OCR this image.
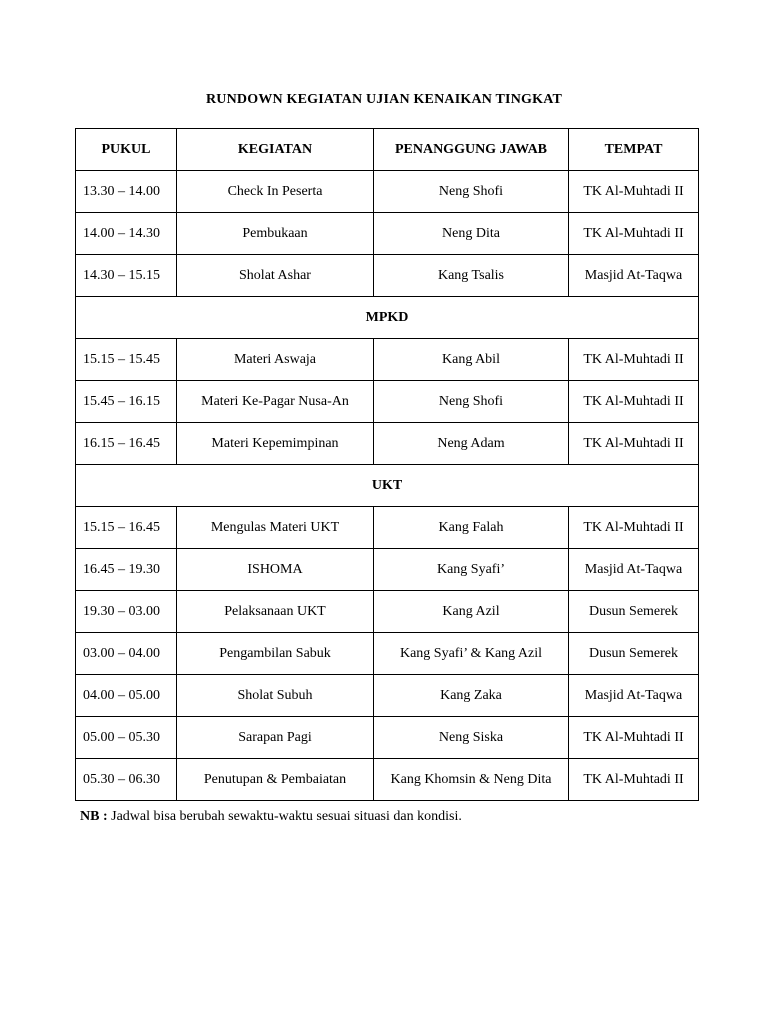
RUNDOWN KEGIATAN UJIAN KENAIKAN TINGKAT
PUKUL	KEGIATAN	PENANGGUNG JAWAB	TEMPAT
13.30 – 14.00	Check In Peserta	Neng Shofi	TK Al-Muhtadi II
14.00 – 14.30	Pembukaan	Neng Dita	TK Al-Muhtadi II
14.30 – 15.15	Sholat Ashar	Kang Tsalis	Masjid At-Taqwa
MPKD			
15.15 – 15.45	Materi Aswaja	Kang Abil	TK Al-Muhtadi II
15.45 – 16.15	Materi Ke-Pagar Nusa-An	Neng Shofi	TK Al-Muhtadi II
16.15 – 16.45	Materi Kepemimpinan	Neng Adam	TK Al-Muhtadi II
UKT			
15.15 – 16.45	Mengulas Materi UKT	Kang Falah	TK Al-Muhtadi II
16.45 – 19.30	ISHOMA	Kang Syafi’	Masjid At-Taqwa
19.30 – 03.00	Pelaksanaan UKT	Kang Azil	Dusun Semerek
03.00 – 04.00	Pengambilan Sabuk	Kang Syafi’ & Kang Azil	Dusun Semerek
04.00 – 05.00	Sholat Subuh	Kang Zaka	Masjid At-Taqwa
05.00 – 05.30	Sarapan Pagi	Neng Siska	TK Al-Muhtadi II
05.30 – 06.30	Penutupan & Pembaiatan	Kang Khomsin & Neng Dita	TK Al-Muhtadi II
NB : Jadwal bisa berubah sewaktu-waktu sesuai situasi dan kondisi.
